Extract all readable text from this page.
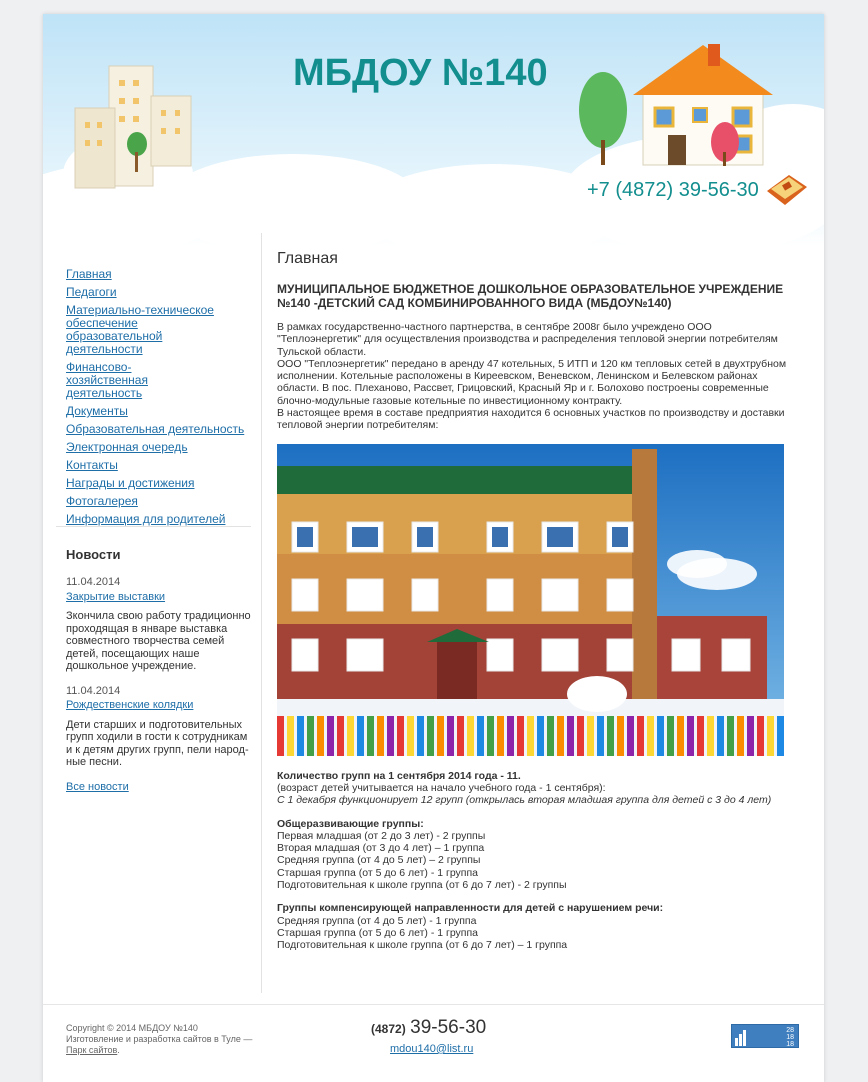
МБДОУ №140
+7 (4872) 39-56-30
Главная
Педагоги
Материально-техническое обеспечение образовательной деятельности
Финансово-хозяйственная деятельность
Документы
Образовательная деятельность
Электронная очередь
Контакты
Награды и достижения
Фотогалерея
Информация для родителей
Новости
11.04.2014
Закрытие выставки
Зкончила свою работу традиционно проходящая в январе выставка совместного творчества семей детей, посещающих наше дошкольное учреждение.
11.04.2014
Рождественские колядки
Дети старших и подготовительных групп ходили в гости к сотрудникам и к детям других групп, пели народ-ные песни.
Все новости
Главная
МУНИЦИПАЛЬНОЕ БЮДЖЕТНОЕ ДОШКОЛЬНОЕ ОБРАЗОВАТЕЛЬНОЕ УЧРЕЖДЕНИЕ №140 -ДЕТСКИЙ САД КОМБИНИРОВАННОГО ВИДА (МБДОУ№140)

В рамках государственно-частного партнерства, в сентябре 2008г было учреждено ООО "Теплоэнергетик" для осуществления производства и распределения тепловой энергии потребителям Тульской области.

ООО "Теплоэнергетик" передано в аренду 47 котельных, 5 ИТП и 120 км тепловых сетей в двухтрубном исполнении. Котельные расположены в Киреевском, Веневском, Ленинском и Белевском районах области. В пос. Плеханово, Рассвет, Грицовский, Красный Яр и г. Болохово построены современные блочно-модульные газовые котельные по инвестиционному контракту.

В настоящее время в составе предприятия находится 6 основных участков по производству и доставки тепловой энергии потребителям:

Количество групп на 1 сентября 2014 года - 11.
(возраст детей учитывается на начало учебного года - 1 сентября):
С 1 декабря функционирует 12 групп (открылась вторая младшая группа для детей с 3 до 4 лет)
Общеразвивающие группы:
Первая младшая (от 2 до 3 лет) - 2 группы
Вторая младшая (от 3 до 4 лет) – 1 группа
Средняя группа (от 4 до 5 лет) – 2 группы
Старшая группа (от 5 до 6 лет) - 1 группа
Подготовительная к школе группа (от 6 до 7 лет) - 2 группы
Группы компенсирующей направленности для детей с нарушением речи:
Средняя группа (от 4 до 5 лет) - 1 группа
Старшая группа (от 5 до 6 лет) - 1 группа
Подготовительная к школе группа (от 6 до 7 лет) – 1 группа
Copyright © 2014 МБДОУ №140
Изготовление и разработка сайтов в Туле —
Парк сайтов.
(4872) 39-56-30
mdou140@list.ru
28
18
18
